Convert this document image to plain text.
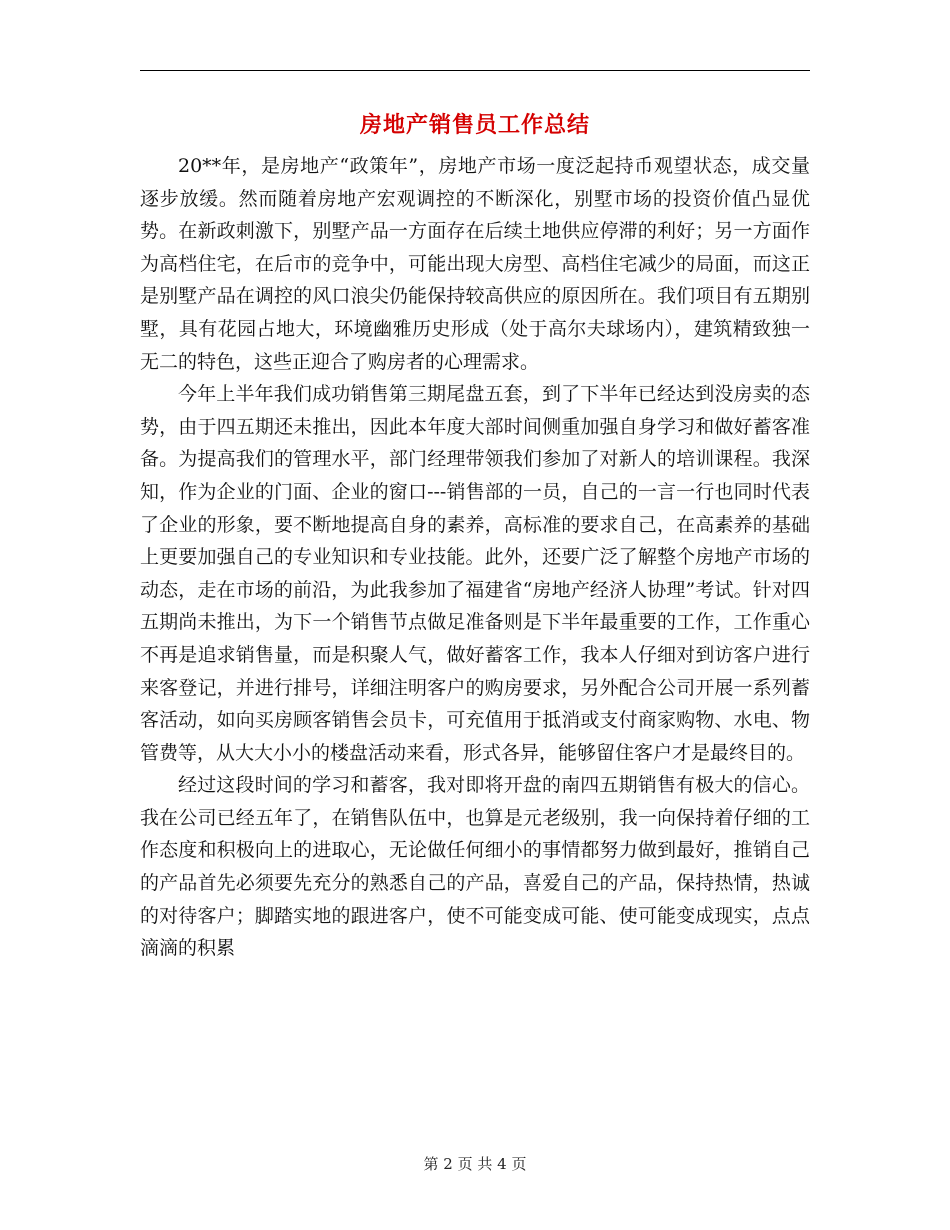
房地产销售员工作总结

20**年，是房地产“政策年”，房地产市场一度泛起持币观望状态，成交量逐步放缓。然而随着房地产宏观调控的不断深化，别墅市场的投资价值凸显优势。在新政刺激下，别墅产品一方面存在后续土地供应停滞的利好；另一方面作为高档住宅，在后市的竞争中，可能出现大房型、高档住宅减少的局面，而这正是别墅产品在调控的风口浪尖仍能保持较高供应的原因所在。我们项目有五期别墅，具有花园占地大，环境幽雅历史形成（处于高尔夫球场内），建筑精致独一无二的特色，这些正迎合了购房者的心理需求。

今年上半年我们成功销售第三期尾盘五套，到了下半年已经达到没房卖的态势，由于四五期还未推出，因此本年度大部时间侧重加强自身学习和做好蓄客准备。为提高我们的管理水平，部门经理带领我们参加了对新人的培训课程。我深知，作为企业的门面、企业的窗口---销售部的一员，自己的一言一行也同时代表了企业的形象，要不断地提高自身的素养，高标准的要求自己，在高素养的基础上更要加强自己的专业知识和专业技能。此外，还要广泛了解整个房地产市场的动态，走在市场的前沿，为此我参加了福建省“房地产经济人协理”考试。针对四五期尚未推出，为下一个销售节点做足准备则是下半年最重要的工作，工作重心不再是追求销售量，而是积聚人气，做好蓄客工作，我本人仔细对到访客户进行来客登记，并进行排号，详细注明客户的购房要求，另外配合公司开展一系列蓄客活动，如向买房顾客销售会员卡，可充值用于抵消或支付商家购物、水电、物管费等，从大大小小的楼盘活动来看，形式各异，能够留住客户才是最终目的。

经过这段时间的学习和蓄客，我对即将开盘的南四五期销售有极大的信心。我在公司已经五年了，在销售队伍中，也算是元老级别，我一向保持着仔细的工作态度和积极向上的进取心，无论做任何细小的事情都努力做到最好，推销自己的产品首先必须要先充分的熟悉自己的产品，喜爱自己的产品，保持热情，热诚的对待客户；脚踏实地的跟进客户，使不可能变成可能、使可能变成现实，点点滴滴的积累

第 2 页 共 4 页
